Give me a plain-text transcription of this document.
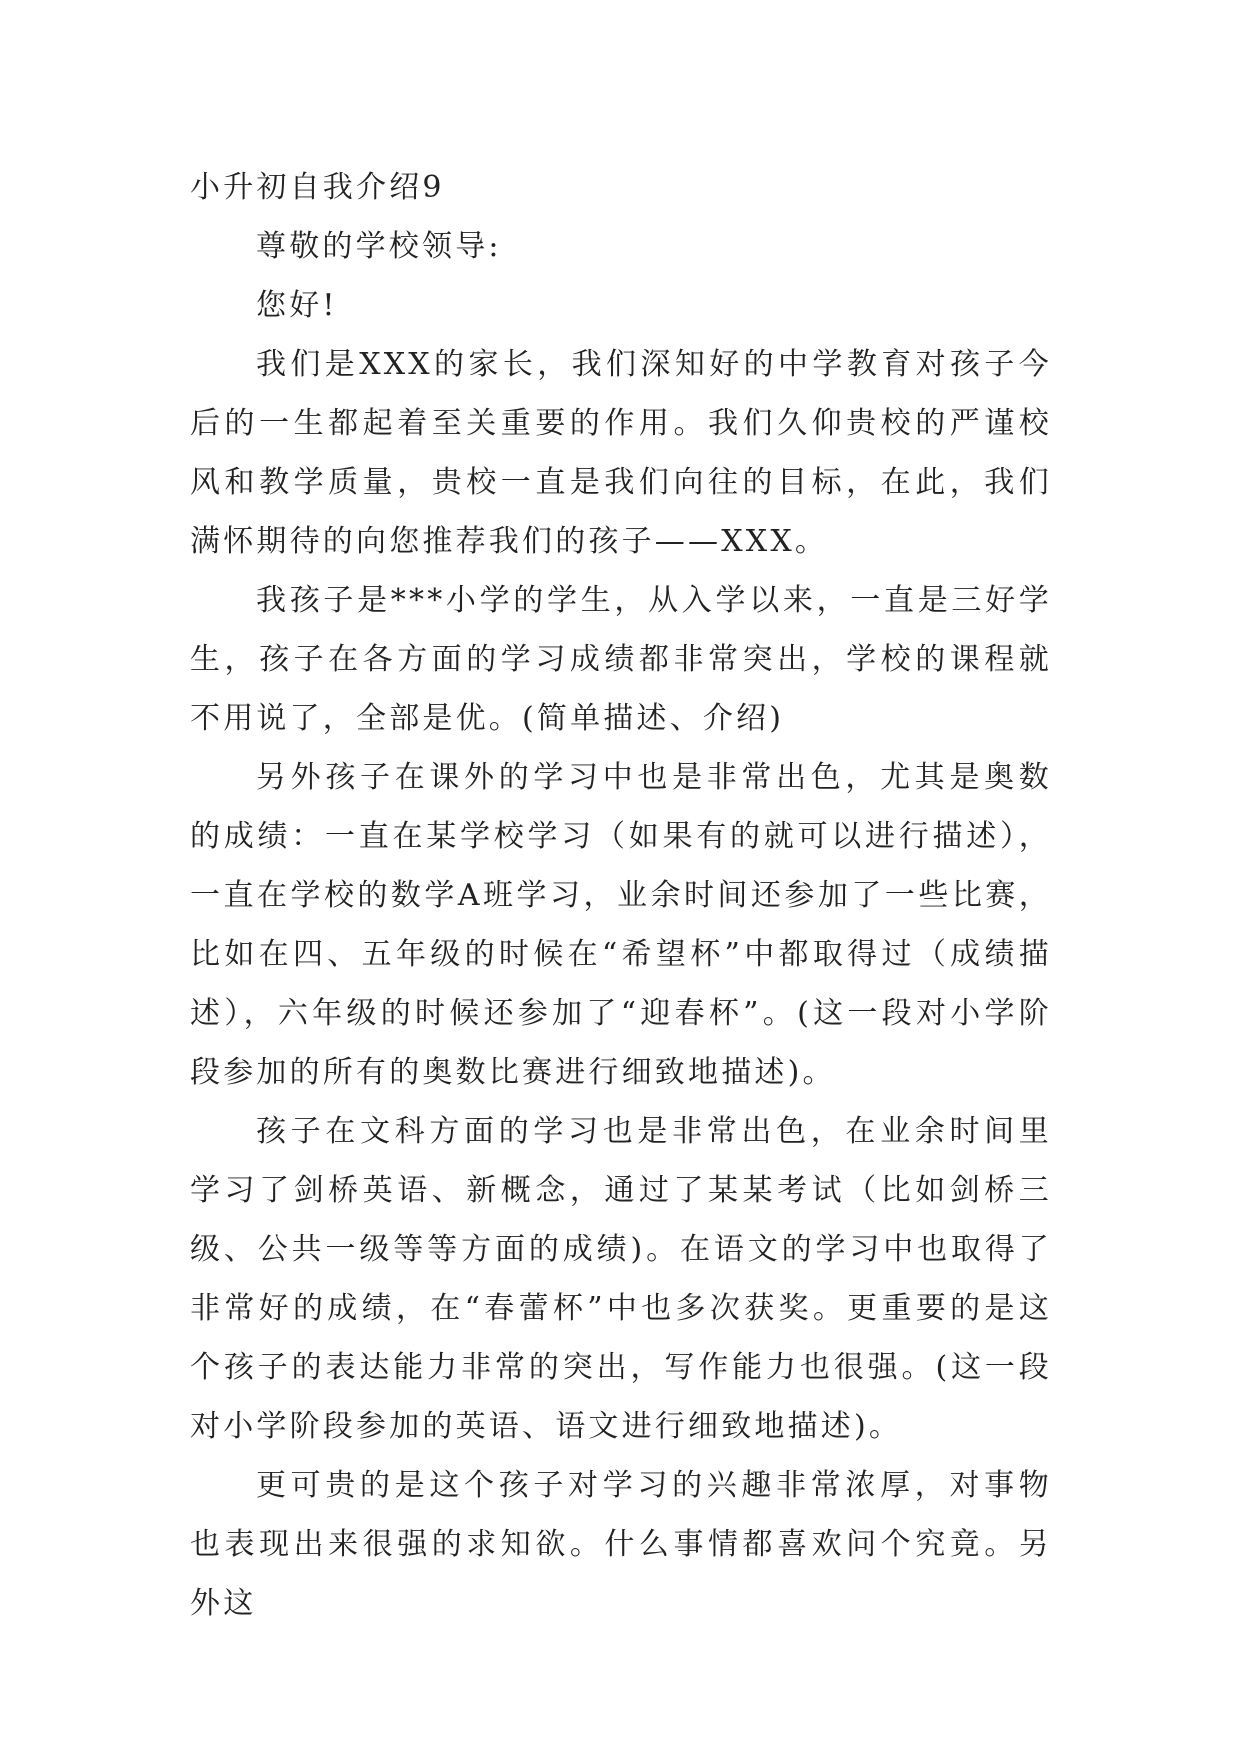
小升初自我介绍9

尊敬的学校领导:

您好!

我们是XXX的家长，我们深知好的中学教育对孩子今后的一生都起着至关重要的作用。我们久仰贵校的严谨校风和教学质量，贵校一直是我们向往的目标，在此，我们满怀期待的向您推荐我们的孩子——XXX。

我孩子是***小学的学生，从入学以来，一直是三好学生，孩子在各方面的学习成绩都非常突出，学校的课程就不用说了，全部是优。(简单描述、介绍)

另外孩子在课外的学习中也是非常出色，尤其是奥数的成绩：一直在某学校学习（如果有的就可以进行描述），一直在学校的数学A班学习，业余时间还参加了一些比赛，比如在四、五年级的时候在“希望杯”中都取得过（成绩描述），六年级的时候还参加了“迎春杯”。(这一段对小学阶段参加的所有的奥数比赛进行细致地描述)。

孩子在文科方面的学习也是非常出色，在业余时间里学习了剑桥英语、新概念，通过了某某考试（比如剑桥三级、公共一级等等方面的成绩)。在语文的学习中也取得了非常好的成绩，在“春蕾杯”中也多次获奖。更重要的是这个孩子的表达能力非常的突出，写作能力也很强。(这一段对小学阶段参加的英语、语文进行细致地描述)。

更可贵的是这个孩子对学习的兴趣非常浓厚，对事物也表现出来很强的求知欲。什么事情都喜欢问个究竟。另外这
